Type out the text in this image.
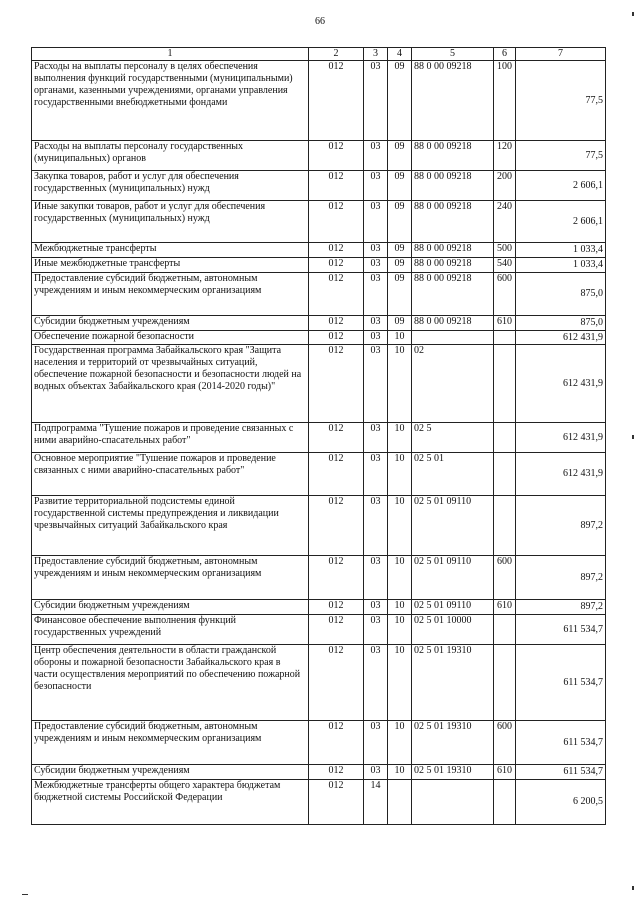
66
1	2	3	4	5	6	7
Расходы на выплаты персоналу в целях обеспечения выполнения функций государственными (муниципальными) органами, казенными учреждениями, органами управления государственными внебюджетными фондами	012	03	09	88 0 00 09218	100	77,5
Расходы на выплаты персоналу государственных (муниципальных) органов	012	03	09	88 0 00 09218	120	77,5
Закупка товаров, работ и услуг для обеспечения государственных (муниципальных) нужд	012	03	09	88 0 00 09218	200	2 606,1
Иные закупки товаров, работ и услуг для обеспечения государственных (муниципальных) нужд	012	03	09	88 0 00 09218	240	2 606,1
Межбюджетные трансферты	012	03	09	88 0 00 09218	500	1 033,4
Иные межбюджетные трансферты	012	03	09	88 0 00 09218	540	1 033,4
Предоставление субсидий бюджетным, автономным учреждениям и иным некоммерческим организациям	012	03	09	88 0 00 09218	600	875,0
Субсидии бюджетным учреждениям	012	03	09	88 0 00 09218	610	875,0
Обеспечение пожарной безопасности	012	03	10			612 431,9
Государственная программа Забайкальского края "Защита населения и территорий от чрезвычайных ситуаций, обеспечение пожарной безопасности и безопасности людей на водных объектах Забайкальского края (2014-2020 годы)"	012	03	10	02		612 431,9
Подпрограмма "Тушение пожаров и проведение связанных с ними аварийно-спасательных работ"	012	03	10	02 5		612 431,9
Основное мероприятие "Тушение пожаров и проведение связанных с ними аварийно-спасательных работ"	012	03	10	02 5 01		612 431,9
Развитие территориальной подсистемы единой государственной системы предупреждения и ликвидации чрезвычайных ситуаций Забайкальского края	012	03	10	02 5 01 09110		897,2
Предоставление субсидий бюджетным, автономным учреждениям и иным некоммерческим организациям	012	03	10	02 5 01 09110	600	897,2
Субсидии бюджетным учреждениям	012	03	10	02 5 01 09110	610	897,2
Финансовое обеспечение выполнения функций государственных учреждений	012	03	10	02 5 01 10000		611 534,7
Центр обеспечения деятельности в области гражданской обороны и пожарной безопасности Забайкальского края в части осуществления мероприятий по обеспечению пожарной безопасности	012	03	10	02 5 01 19310		611 534,7
Предоставление субсидий бюджетным, автономным учреждениям и иным некоммерческим организациям	012	03	10	02 5 01 19310	600	611 534,7
Субсидии бюджетным учреждениям	012	03	10	02 5 01 19310	610	611 534,7
Межбюджетные трансферты общего характера бюджетам бюджетной системы Российской Федерации	012	14				6 200,5
